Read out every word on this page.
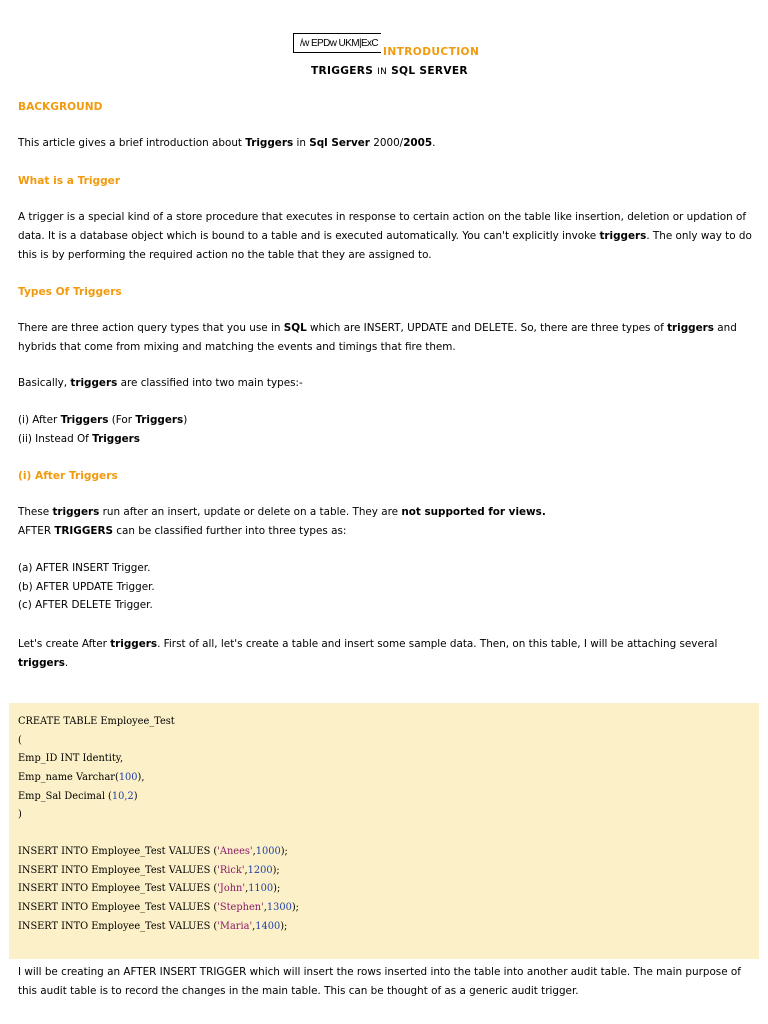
/w EPDw UKM|ExC
INTRODUCTION
TRIGGERS IN SQL SERVER
BACKGROUND
This article gives a brief introduction about Triggers in Sql Server 2000/2005.
What is a Trigger
A trigger is a special kind of a store procedure that executes in response to certain action on the table like insertion, deletion or updation of data. It is a database object which is bound to a table and is executed automatically. You can't explicitly invoke triggers. The only way to do this is by performing the required action no the table that they are assigned to.
Types Of Triggers
There are three action query types that you use in SQL which are INSERT, UPDATE and DELETE. So, there are three types of triggers and hybrids that come from mixing and matching the events and timings that fire them.
Basically, triggers are classified into two main types:-
(i) After Triggers (For Triggers)
(ii) Instead Of Triggers
(i) After Triggers
These triggers run after an insert, update or delete on a table. They are not supported for views.
AFTER TRIGGERS can be classified further into three types as:
(a) AFTER INSERT Trigger.
(b) AFTER UPDATE Trigger.
(c) AFTER DELETE Trigger.
Let's create After triggers. First of all, let's create a table and insert some sample data. Then, on this table, I will be attaching several triggers.
CREATE TABLE Employee_Test
(
Emp_ID INT Identity,
Emp_name Varchar(100),
Emp_Sal Decimal (10,2)
)
INSERT INTO Employee_Test VALUES ('Anees',1000);
INSERT INTO Employee_Test VALUES ('Rick',1200);
INSERT INTO Employee_Test VALUES ('John',1100);
INSERT INTO Employee_Test VALUES ('Stephen',1300);
INSERT INTO Employee_Test VALUES ('Maria',1400);
I will be creating an AFTER INSERT TRIGGER which will insert the rows inserted into the table into another audit table. The main purpose of this audit table is to record the changes in the main table. This can be thought of as a generic audit trigger.
